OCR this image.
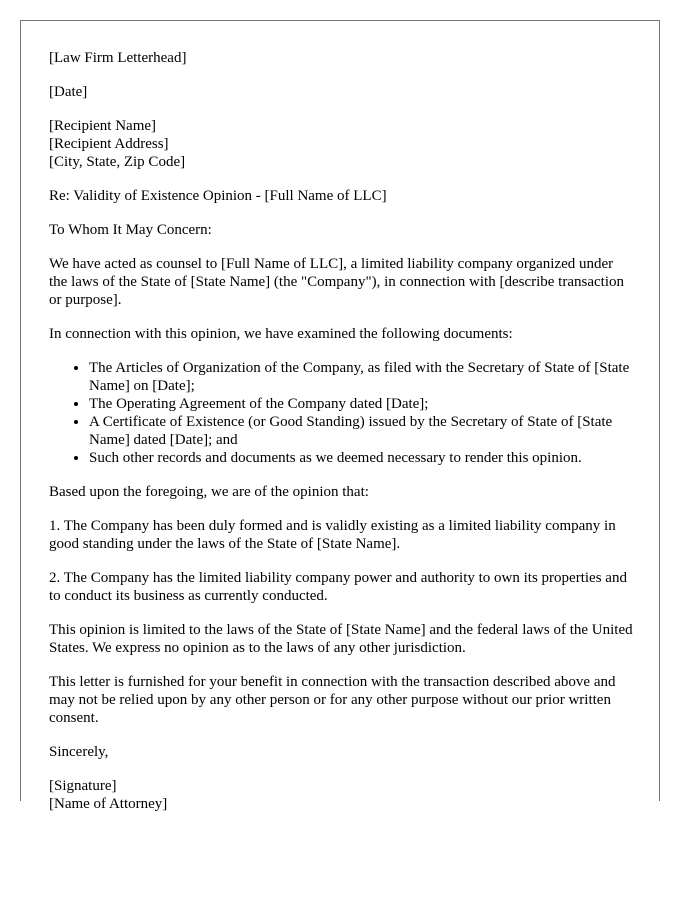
[Law Firm Letterhead]

[Date]

[Recipient Name]
[Recipient Address]
[City, State, Zip Code]

Re: Validity of Existence Opinion - [Full Name of LLC]

To Whom It May Concern:

We have acted as counsel to [Full Name of LLC], a limited liability company organized under the laws of the State of [State Name] (the "Company"), in connection with [describe transaction or purpose].

In connection with this opinion, we have examined the following documents:

• The Articles of Organization of the Company, as filed with the Secretary of State of [State Name] on [Date];
• The Operating Agreement of the Company dated [Date];
• A Certificate of Existence (or Good Standing) issued by the Secretary of State of [State Name] dated [Date]; and
• Such other records and documents as we deemed necessary to render this opinion.

Based upon the foregoing, we are of the opinion that:

1. The Company has been duly formed and is validly existing as a limited liability company in good standing under the laws of the State of [State Name].

2. The Company has the limited liability company power and authority to own its properties and to conduct its business as currently conducted.

This opinion is limited to the laws of the State of [State Name] and the federal laws of the United States. We express no opinion as to the laws of any other jurisdiction.

This letter is furnished for your benefit in connection with the transaction described above and may not be relied upon by any other person or for any other purpose without our prior written consent.

Sincerely,

[Signature]
[Name of Attorney]
